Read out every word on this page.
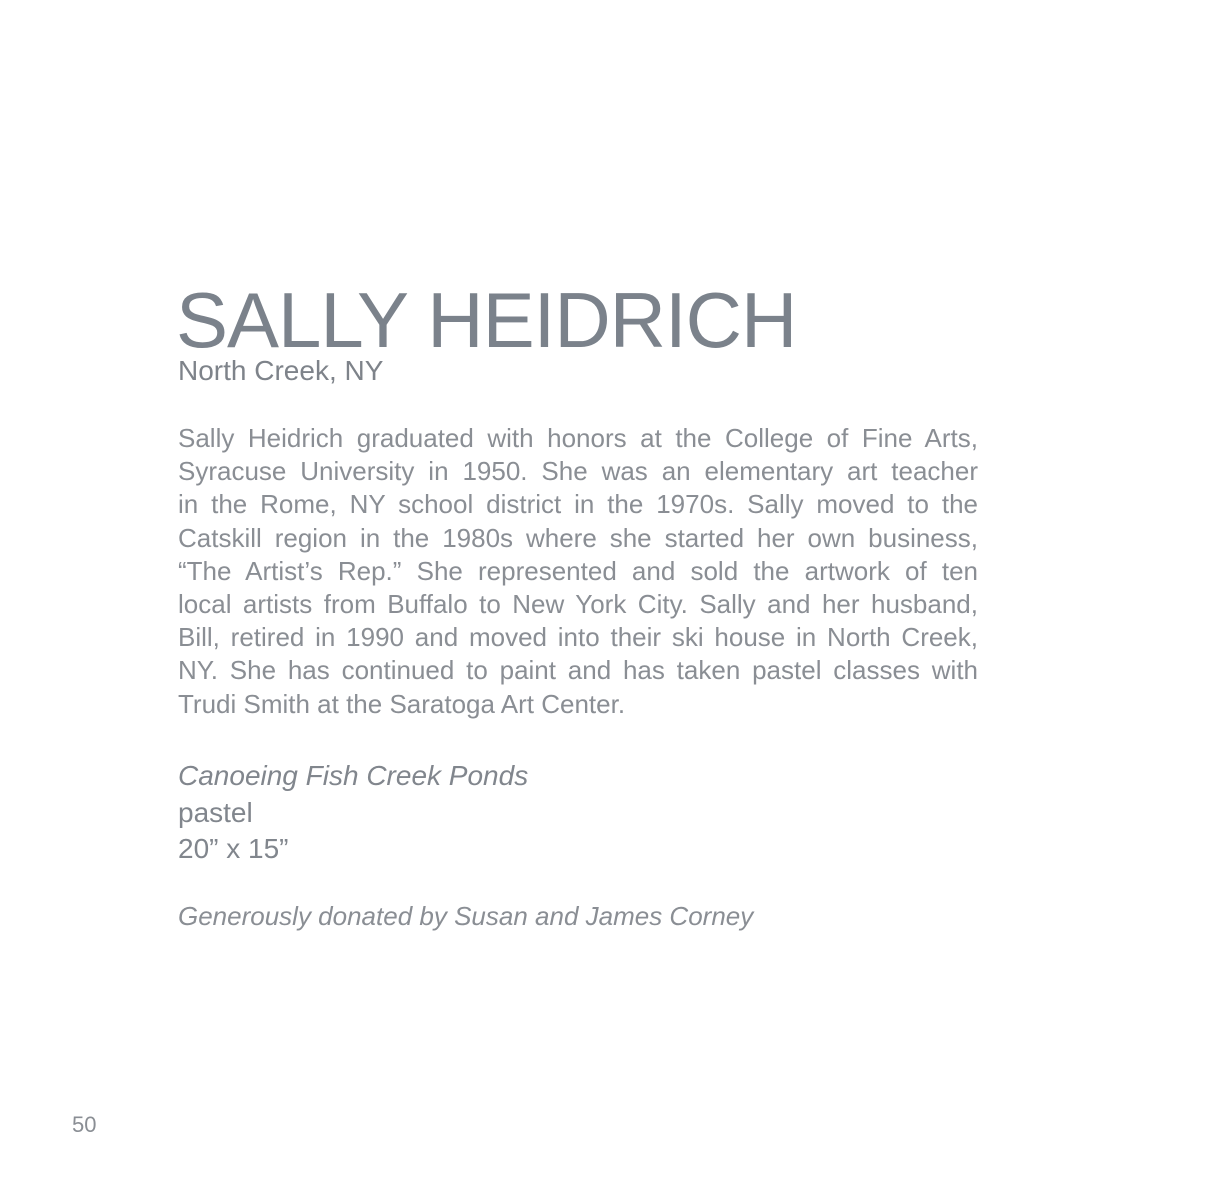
SALLY HEIDRICH

North Creek, NY

Sally Heidrich graduated with honors at the College of Fine Arts,
Syracuse University in 1950. She was an elementary art teacher
in the Rome, NY school district in the 1970s. Sally moved to the
Catskill region in the 1980s where she started her own business,
“The Artist’s Rep.” She represented and sold the artwork of ten
local artists from Buffalo to New York City. Sally and her husband,
Bill, retired in 1990 and moved into their ski house in North Creek,
NY. She has continued to paint and has taken pastel classes with
Trudi Smith at the Saratoga Art Center.

Canoeing Fish Creek Ponds

pastel

20” x 15”

Generously donated by Susan and James Corney

50
